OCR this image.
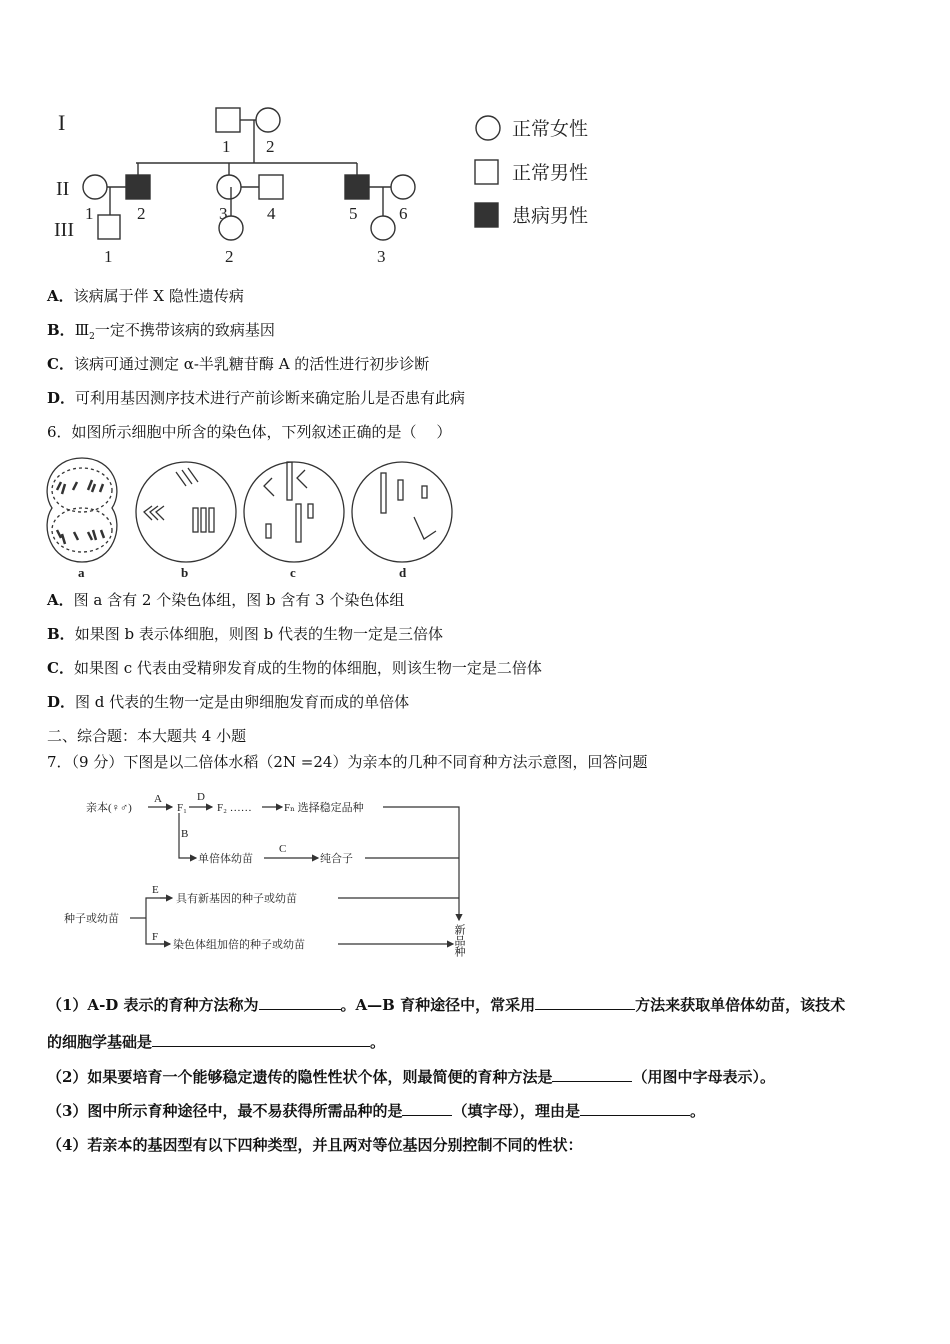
I
II
III
1 2
1	2	3 4	5 6
1	2	3
正常女性
正常男性
患病男性
A．该病属于伴 X 隐性遗传病
B．$Ⅲ_2$一定不携带该病的致病基因
C．该病可通过测定 α-半乳糖苷酶 A 的活性进行初步诊断
D．可利用基因测序技术进行产前诊断来确定胎儿是否患有此病
6．如图所示细胞中所含的染色体，下列叙述正确的是（　 ）
a	b	c	d
A．图 a 含有 2 个染色体组，图 b 含有 3 个染色体组
B．如果图 b 表示体细胞，则图 b 代表的生物一定是三倍体
C．如果图 c 代表由受精卵发育成的生物的体细胞，则该生物一定是二倍体
D．图 d 代表的生物一定是由卵细胞发育而成的单倍体
二、综合题：本大题共 4 小题
7．（9 分）下图是以二倍体水稻（2N =24）为亲本的几种不同育种方法示意图，回答问题
亲本(♀♂)
A
F₁
D
F₂ ……	Fₙ 选择稳定品种
B
单倍体幼苗
C
纯合子
种子或幼苗
E
具有新基因的种子或幼苗
F
染色体组加倍的种子或幼苗	新品种
（1）A-D 表示的育种方法称为	。A—B 育种途径中，常采用	方法来获取单倍体幼苗，该技术
的细胞学基础是	。
（2）如果要培育一个能够稳定遗传的隐性性状个体，则最简便的育种方法是	（用图中字母表示）。
（3）图中所示育种途径中，最不易获得所需品种的是	（填字母），理由是	。
（4）若亲本的基因型有以下四种类型，并且两对等位基因分别控制不同的性状：
